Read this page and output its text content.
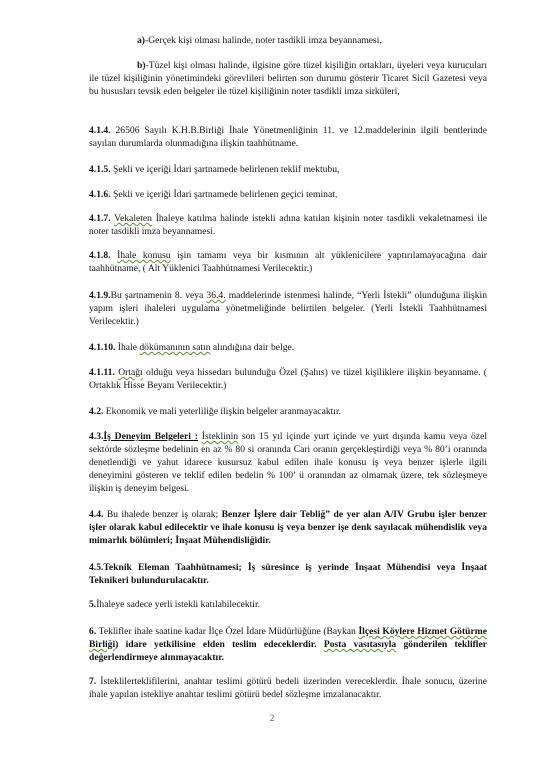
a)-Gerçek kişi olması halinde, noter tasdikli imza beyannamesi,

b)-Tüzel kişi olması halinde, ilgisine göre tüzel kişiliğin ortakları, üyeleri veya kurucuları ile tüzel kişiliğinin yönetimindeki görevlileri belirten son durumu gösterir Ticaret Sicil Gazetesi veya bu hususları tevsik eden belgeler ile tüzel kişiliğinin noter tasdikli imza sirküleri,

4.1.4. 26506 Sayılı K.H.B.Birliği İhale Yönetmenliğinin 11. ve 12.maddelerinin ilgili bentlerinde sayılan durumlarda olunmadığına ilişkin taahhütname.

4.1.5. Şekli ve içeriği İdari şartnamede belirlenen teklif mektubu,

4.1.6. Şekli ve içeriği İdari şartnamede belirlenen geçici teminat,

4.1.7. Vekaleten İhaleye katılma halinde istekli adına katılan kişinin noter tasdikli vekaletnamesi ile noter tasdikli imza beyannamesi.

4.1.8. İhale konusu işin tamamı veya bir kısmının alt yüklenicilere yaptırılamayacağına dair taahhütname, ( Alt Yüklenici Taahhütnamesi Verilecektir.)

4.1.9.Bu şartnamenin 8. veya 36.4. maddelerinde istenmesi halinde, “Yerli İstekli” olunduğuna ilişkin yapım işleri ihaleleri uygulama yönetmeliğinde belirtilen belgeler. (Yerli İstekli Taahhütnamesi Verilecektir.)

4.1.10. İhale dökümanının satın alındığına dair belge.

4.1.11. Ortağı olduğu veya hissedarı bulunduğu Özel (Şahıs) ve tüzel kişiliklere ilişkin beyanname. ( Ortaklık Hisse Beyanı Verilecektir.)

4.2. Ekonomik ve mali yeterliliğe ilişkin belgeler aranmayacaktır.

4.3.İş Deneyim Belgeleri : İsteklinin son 15 yıl içinde yurt içinde ve yurt dışında kamu veya özel sektörde sözleşme bedelinin en az % 80 si oranında Cari oranın gerçekleştirdiği veya % 80’i oranında denetlendiği ve yahut idarece kusursuz kabul edilen ihale konusu iş veya benzer işlerle ilgili deneyimini gösteren ve teklif edilen bedelin % 100’ ü oranından az olmamak üzere, tek sözleşmeye ilişkin iş deneyim belgesi.

4.4. Bu ihalede benzer iş olarak; Benzer İşlere dair Tebliğ” de yer alan A/IV Grubu işler benzer işler olarak kabul edilecektir ve ihale konusu iş veya benzer işe denk sayılacak mühendislik veya mimarlık bölümleri; İnşaat Mühendisliğidir.

4.5.Teknik Eleman Taahhütnamesi; İş süresince iş yerinde İnşaat Mühendisi veya İnşaat Teknikeri bulundurulacaktır.

5.İhaleye sadece yerli istekli katılabilecektir.

6. Teklifler ihale saatine kadar İlçe Özel İdare Müdürlüğüne (Baykan İlçesi Köylere Hizmet Götürme Birliği) idare yetkilisine elden teslim edeceklerdir. Posta vasıtasıyla gönderilen teklifler değerlendirmeye alınmayacaktır.

7. İsteklilerteklifilerini, anahtar teslimi götürü bedeli üzerinden vereceklerdir. İhale sonucu, üzerine ihale yapılan istekliye anahtar teslimi götürü bedel sözleşme imzalanacaktır.

2
